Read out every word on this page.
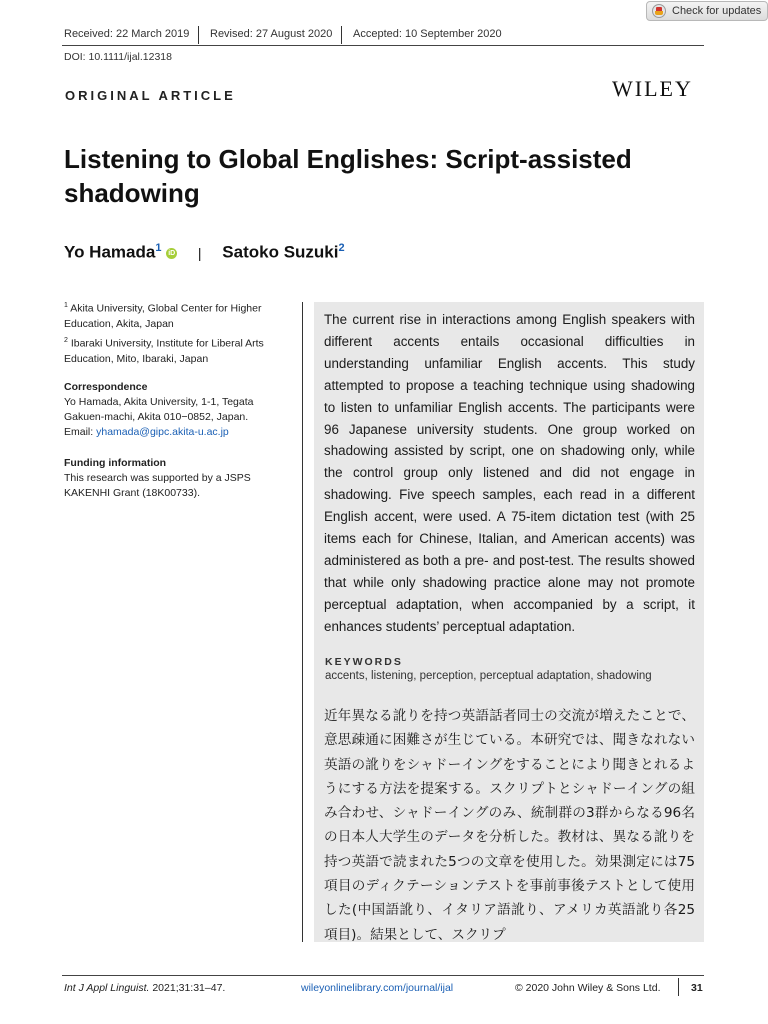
Check for updates
Received: 22 March 2019 Revised: 27 August 2020 Accepted: 10 September 2020
DOI: 10.1111/ijal.12318
ORIGINAL ARTICLE	WILEY
Listening to Global Englishes: Script-assisted shadowing
Yo Hamada$^1$ iD | Satoko Suzuki$^2$
$^1$ Akita University, Global Center for Higher Education, Akita, Japan
$^2$ Ibaraki University, Institute for Liberal Arts Education, Mito, Ibaraki, Japan
Correspondence
Yo Hamada, Akita University, 1-1, Tegata Gakuen-machi, Akita 010−0852, Japan.
Email: yhamada@gipc.akita-u.ac.jp
Funding information
This research was supported by a JSPS KAKENHI Grant (18K00733).
The current rise in interactions among English speakers with different accents entails occasional difficulties in understanding unfamiliar English accents. This study attempted to propose a teaching technique using shadowing to listen to unfamiliar English accents. The participants were 96 Japanese university students. One group worked on shadowing assisted by script, one on shadowing only, while the control group only listened and did not engage in shadowing. Five speech samples, each read in a different English accent, were used. A 75-item dictation test (with 25 items each for Chinese, Italian, and American accents) was administered as both a pre- and post-test. The results showed that while only shadowing practice alone may not promote perceptual adaptation, when accompanied by a script, it enhances students’ perceptual adaptation.
KEYWORDS
accents, listening, perception, perceptual adaptation, shadowing
近年異なる訛りを持つ英語話者同士の交流が増えたことで、意思疎通に困難さが生じている。本研究では、聞きなれない英語の訛りをシャドーイングをすることにより聞きとれるようにする方法を提案する。スクリプトとシャドーイングの組み合わせ、シャドーイングのみ、統制群の3群からなる96名の日本人大学生のデータを分析した。教材は、異なる訛りを持つ英語で読まれた5つの文章を使用した。効果測定には75項目のディクテーションテストを事前事後テストとして使用した(中国語訛り、イタリア語訛り、アメリカ英語訛り各25項目)。結果として、スクリプ
Int J Appl Linguist. 2021;31:31–47.	wileyonlinelibrary.com/journal/ijal	© 2020 John Wiley & Sons Ltd.	31
